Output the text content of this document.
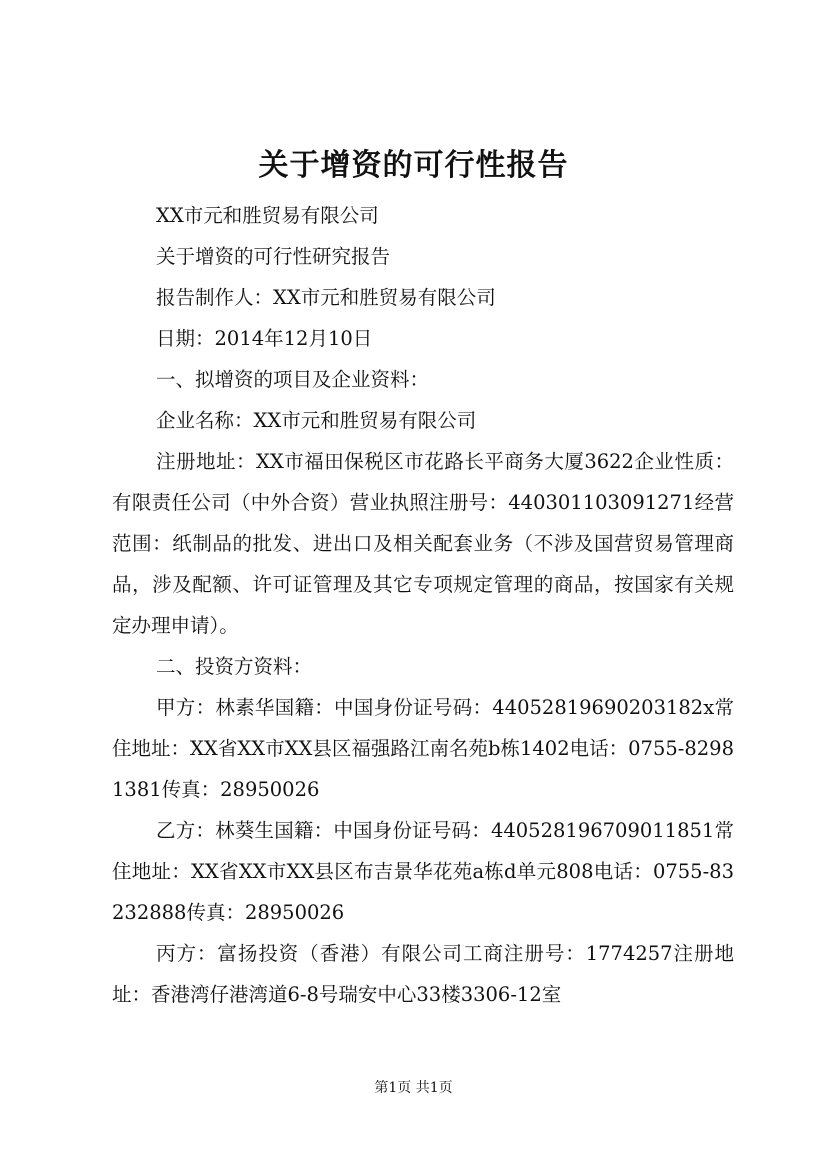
关于增资的可行性报告

XX市元和胜贸易有限公司

关于增资的可行性研究报告

报告制作人：XX市元和胜贸易有限公司

日期：2014年12月10日

一、拟增资的项目及企业资料：

企业名称：XX市元和胜贸易有限公司

注册地址：XX市福田保税区市花路长平商务大厦3622企业性质：有限责任公司（中外合资）营业执照注册号：440301103091271经营范围：纸制品的批发、进出口及相关配套业务（不涉及国营贸易管理商品，涉及配额、许可证管理及其它专项规定管理的商品，按国家有关规定办理申请）。

二、投资方资料：

甲方：林素华国籍：中国身份证号码：44052819690203182x常住地址：XX省XX市XX县区福强路江南名苑b栋1402电话：0755-82981381传真：28950026

乙方：林葵生国籍：中国身份证号码：440528196709011851常住地址：XX省XX市XX县区布吉景华花苑a栋d单元808电话：0755-83232888传真：28950026

丙方：富扬投资（香港）有限公司工商注册号：1774257注册地址：香港湾仔港湾道6-8号瑞安中心33楼3306-12室

第1页 共1页
